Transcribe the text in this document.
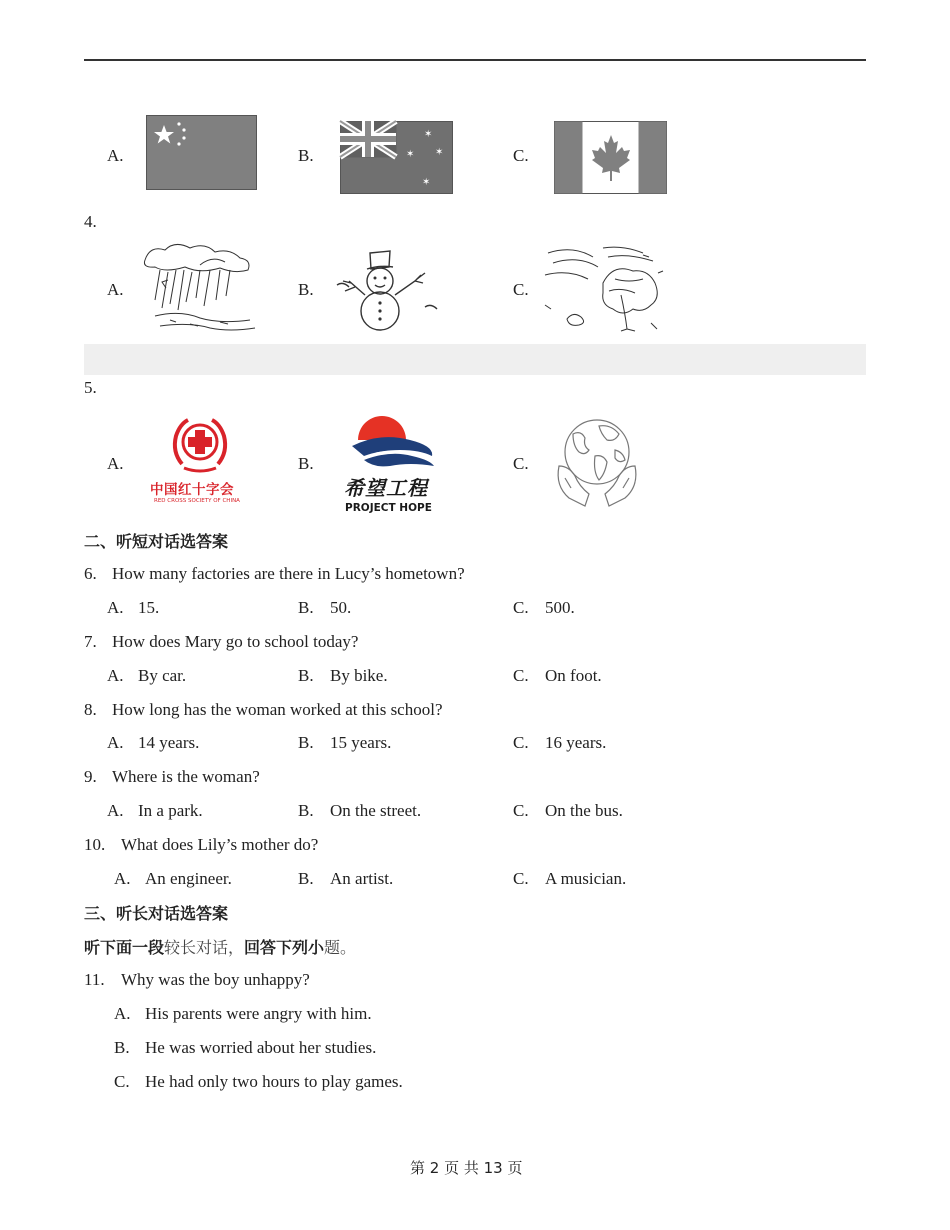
A.	B.
✶
✶ ✶
✶
C.
4.
A.	B.	C.
5.
A.
中国红十字会
RED CROSS SOCIETY OF CHINA
B.
希望工程
PROJECT HOPE
C.
二、听短对话选答案
6. How many factories are there in Lucy’s hometown?
A. 15.	B. 50.	C. 500.
7. How does Mary go to school today?
A. By car.	B. By bike.	C. On foot.
8. How long has the woman worked at this school?
A. 14 years.	B. 15 years.	C. 16 years.
9. Where is the woman?
A. In a park.	B. On the street.	C. On the bus.
10. What does Lily’s mother do?
A. An engineer.	B. An artist.	C. A musician.
三、听长对话选答案
听下面一段较长对话，回答下列小题。
11. Why was the boy unhappy?
A. His parents were angry with him.
B. He was worried about her studies.
C. He had only two hours to play games.
第 2 页 共 13 页
